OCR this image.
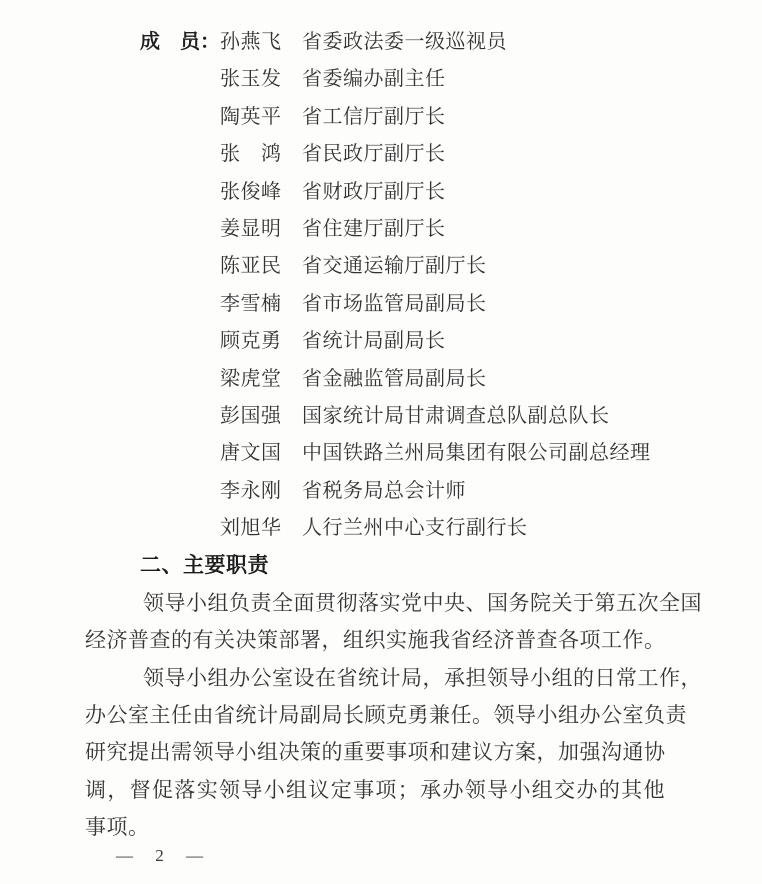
成　员： 孙燕飞	省委政法委一级巡视员
张玉发	省委编办副主任
陶英平	省工信厅副厅长
张　鸿	省民政厅副厅长
张俊峰	省财政厅副厅长
姜显明	省住建厅副厅长
陈亚民	省交通运输厅副厅长
李雪楠	省市场监管局副局长
顾克勇	省统计局副局长
梁虎堂	省金融监管局副局长
彭国强	国家统计局甘肃调查总队副总队长
唐文国	中国铁路兰州局集团有限公司副总经理
李永刚	省税务局总会计师
刘旭华	人行兰州中心支行副行长
二、主要职责
领导小组负责全面贯彻落实党中央、国务院关于第五次全国
经济普查的有关决策部署，组织实施我省经济普查各项工作。
领导小组办公室设在省统计局，承担领导小组的日常工作，
办公室主任由省统计局副局长顾克勇兼任。领导小组办公室负责
研究提出需领导小组决策的重要事项和建议方案，加强沟通协
调，督促落实领导小组议定事项；承办领导小组交办的其他
事项。
— 2 —
